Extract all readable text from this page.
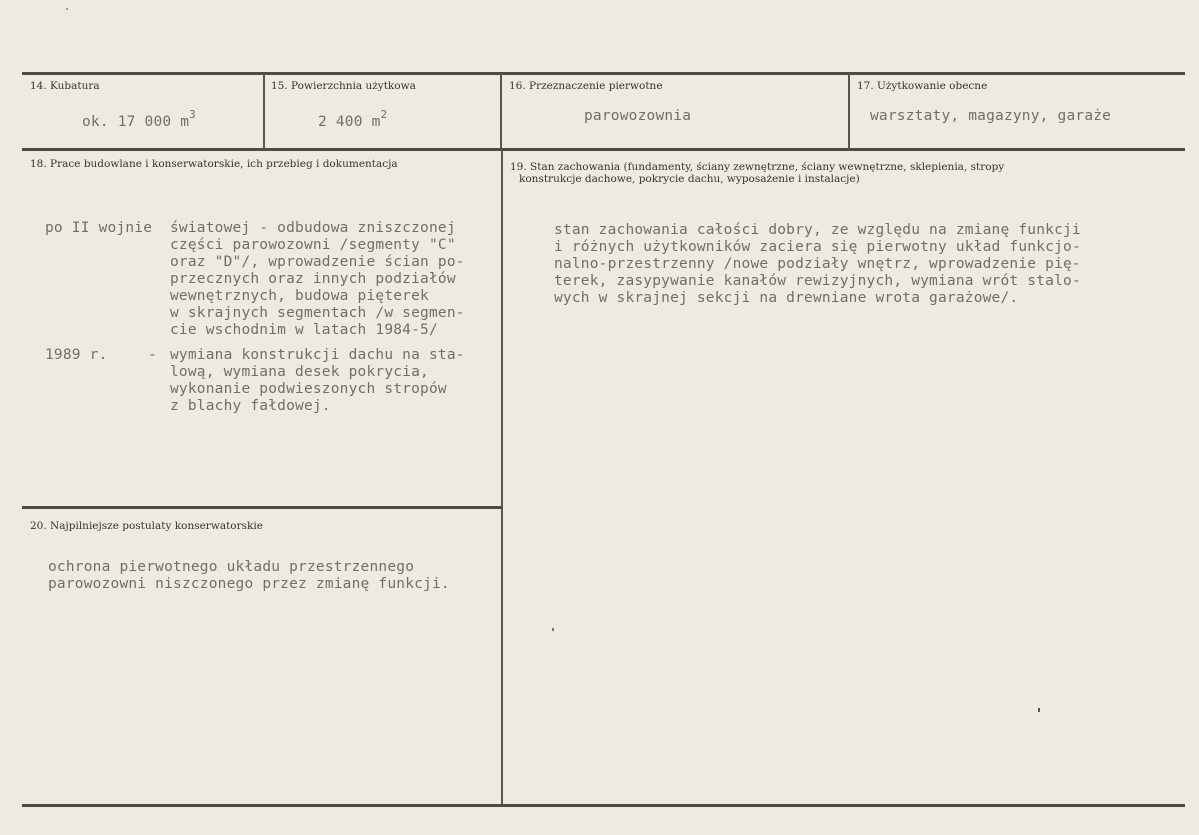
14. Kubatura
ok. 17 000 $m^3$
15. Powierzchnia użytkowa
2 400 $m^2$
16. Przeznaczenie pierwotne
parowozownia
17. Użytkowanie obecne
warsztaty, magazyny, garaże
18. Prace budowlane i konserwatorskie, ich przebieg i dokumentacja
po II wojnie światowej - odbudowa zniszczonej
części parowozowni /segmenty "C"
oraz "D"/, wprowadzenie ścian po-
przecznych oraz innych podziałów
wewnętrznych, budowa pięterek
w skrajnych segmentach /w segmen-
cie wschodnim w latach 1984-5/
1989 r.	- wymiana konstrukcji dachu na sta-
lową, wymiana desek pokrycia,
wykonanie podwieszonych stropów
z blachy fałdowej.
19. Stan zachowania (fundamenty, ściany zewnętrzne, ściany wewnętrzne, sklepienia, stropy
konstrukcje dachowe, pokrycie dachu, wyposażenie i instalacje)
stan zachowania całości dobry, ze względu na zmianę funkcji
i różnych użytkowników zaciera się pierwotny układ funkcjo-
nalno-przestrzenny /nowe podziały wnętrz, wprowadzenie pię-
terek, zasypywanie kanałów rewizyjnych, wymiana wrót stalo-
wych w skrajnej sekcji na drewniane wrota garażowe/.
20. Najpilniejsze postulaty konserwatorskie
ochrona pierwotnego układu przestrzennego
parowozowni niszczonego przez zmianę funkcji.
